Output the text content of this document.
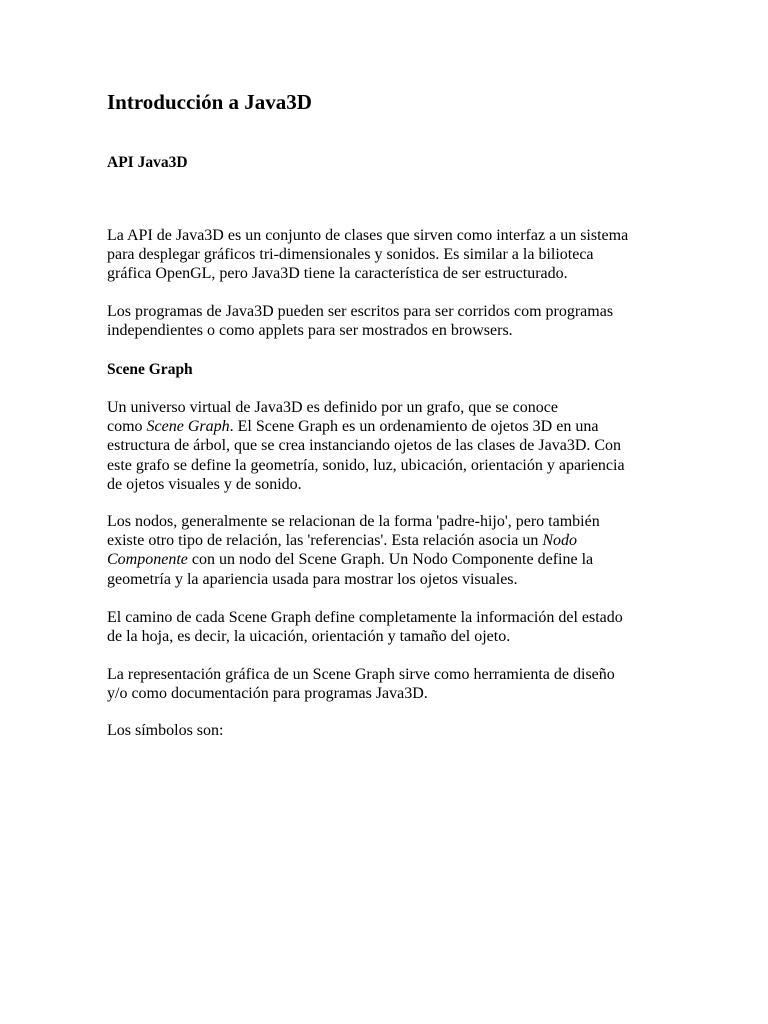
Introducción a Java3D
API Java3D

La API de Java3D es un conjunto de clases que sirven como interfaz a un sistema
para desplegar gráficos tri-dimensionales y sonidos. Es similar a la bilioteca
gráfica OpenGL, pero Java3D tiene la característica de ser estructurado.

Los programas de Java3D pueden ser escritos para ser corridos com programas
independientes o como applets para ser mostrados en browsers.

Scene Graph

Un universo virtual de Java3D es definido por un grafo, que se conoce
como Scene Graph. El Scene Graph es un ordenamiento de ojetos 3D en una
estructura de árbol, que se crea instanciando ojetos de las clases de Java3D. Con
este grafo se define la geometría, sonido, luz, ubicación, orientación y apariencia
de ojetos visuales y de sonido.

Los nodos, generalmente se relacionan de la forma 'padre-hijo', pero también
existe otro tipo de relación, las 'referencias'. Esta relación asocia un Nodo
Componente con un nodo del Scene Graph. Un Nodo Componente define la
geometría y la apariencia usada para mostrar los ojetos visuales.

El camino de cada Scene Graph define completamente la información del estado
de la hoja, es decir, la uicación, orientación y tamaño del ojeto.

La representación gráfica de un Scene Graph sirve como herramienta de diseño
y/o como documentación para programas Java3D.

Los símbolos son:
